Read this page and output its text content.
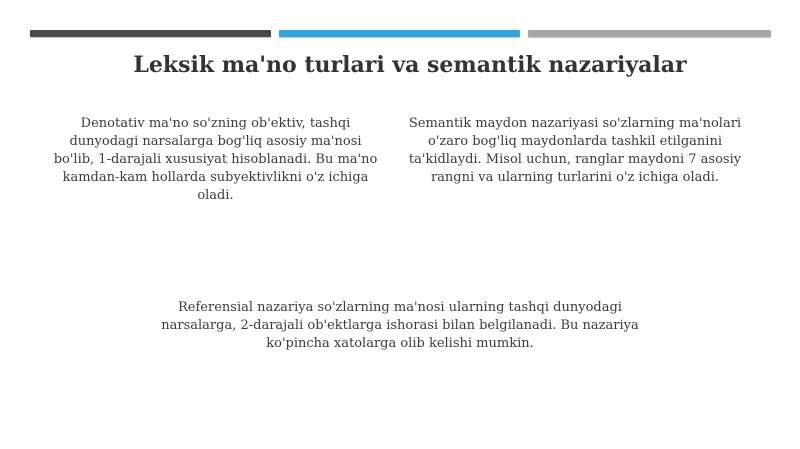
Leksik ma'no turlari va semantik nazariyalar

Denotativ ma'no so'zning ob'ektiv, tashqi dunyodagi narsalarga bog'liq asosiy ma'nosi bo'lib, 1-darajali xususiyat hisoblanadi. Bu ma'no kamdan-kam hollarda subyektivlikni o'z ichiga oladi.

Semantik maydon nazariyasi so'zlarning ma'nolari o'zaro bog'liq maydonlarda tashkil etilganini ta'kidlaydi. Misol uchun, ranglar maydoni 7 asosiy rangni va ularning turlarini o'z ichiga oladi.

Referensial nazariya so'zlarning ma'nosi ularning tashqi dunyodagi narsalarga, 2-darajali ob'ektlarga ishorasi bilan belgilanadi. Bu nazariya ko'pincha xatolarga olib kelishi mumkin.
